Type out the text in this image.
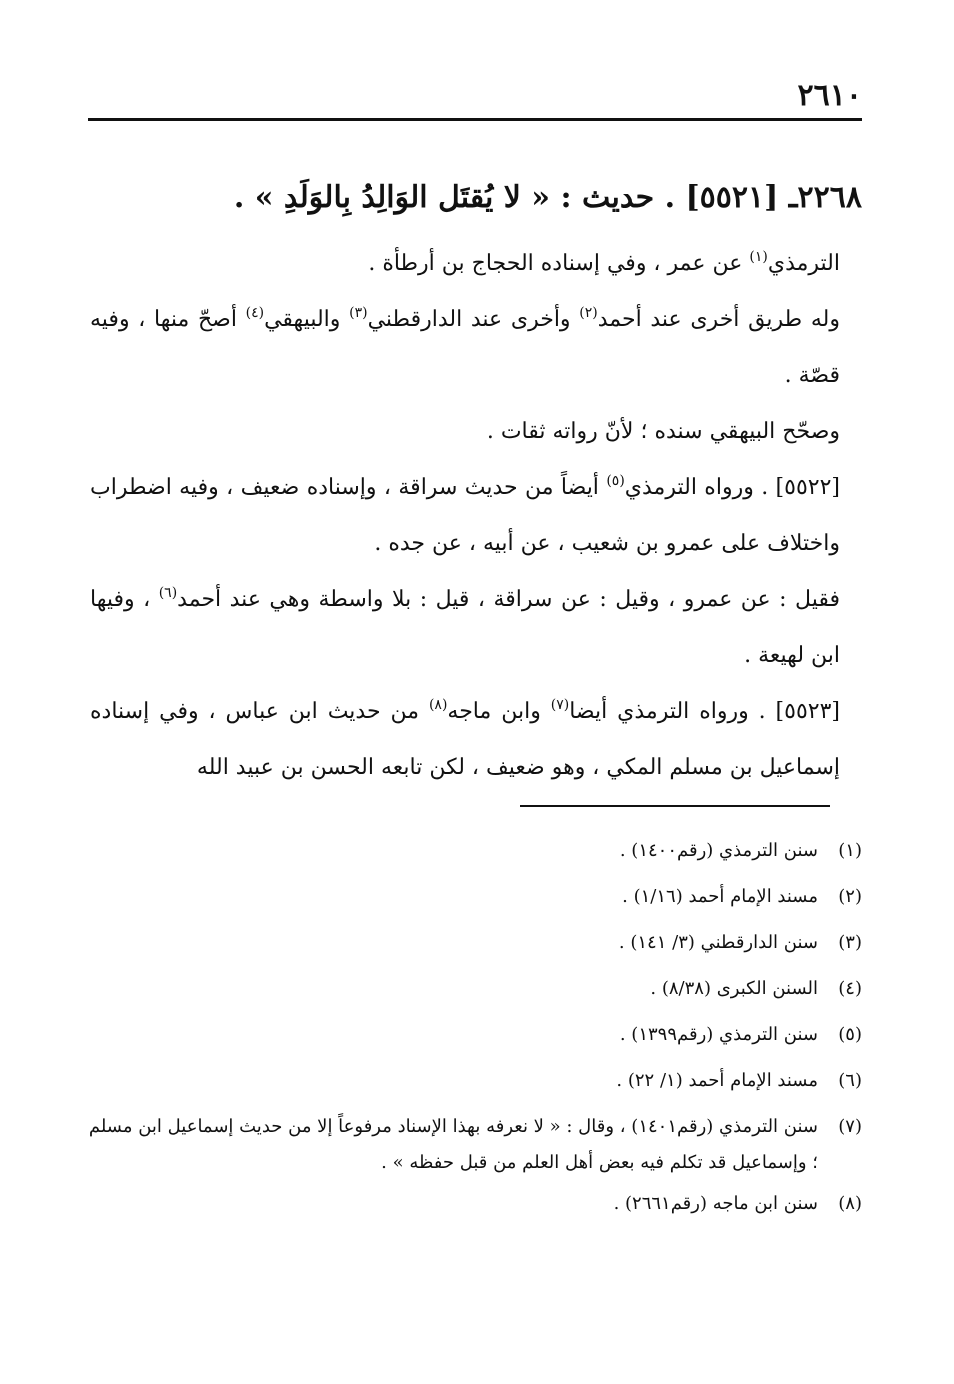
٢٦١٠
٢٢٦٨ـ [٥٥٢١] . حديث : « لا يُقتَل الوَالِدُ بِالوَلَدِ » .

الترمذي$^{(١)}$ عن عمر ، وفي إسناده الحجاج بن أرطأة .

وله طريق أخرى عند أحمد$^{(٢)}$ وأخرى عند الدارقطني$^{(٣)}$ والبيهقي$^{(٤)}$ أصحّ منها ، وفيه قصّة .

وصحّح البيهقي سنده ؛ لأنّ رواته ثقات .

[٥٥٢٢] . ورواه الترمذي$^{(٥)}$ أيضاً من حديث سراقة ، وإسناده ضعيف ، وفيه اضطراب واختلاف على عمرو بن شعيب ، عن أبيه ، عن جده .

فقيل : عن عمرو ، وقيل : عن سراقة ، قيل : بلا واسطة وهي عند أحمد$^{(٦)}$ ، وفيها ابن لهيعة .

[٥٥٢٣] . ورواه الترمذي أيضا$^{(٧)}$ وابن ماجه$^{(٨)}$ من حديث ابن عباس ، وفي إسناده إسماعيل بن مسلم المكي ، وهو ضعيف ، لكن تابعه الحسن بن عبيد الله

(١)
سنن الترمذي (رقم١٤٠٠) .
(٢)
مسند الإمام أحمد (١/١٦) .
(٣)
سنن الدارقطني (٣/ ١٤١) .
(٤)
السنن الكبرى (٨/٣٨) .
(٥)
سنن الترمذي (رقم١٣٩٩) .
(٦)
مسند الإمام أحمد (١/ ٢٢) .
(٧)
سنن الترمذي (رقم١٤٠١) ، وقال : « لا نعرفه بهذا الإسناد مرفوعاً إلا من حديث إسماعيل ابن مسلم ؛ وإسماعيل قد تكلم فيه بعض أهل العلم من قبل حفظه » .
(٨)
سنن ابن ماجه (رقم٢٦٦١) .
